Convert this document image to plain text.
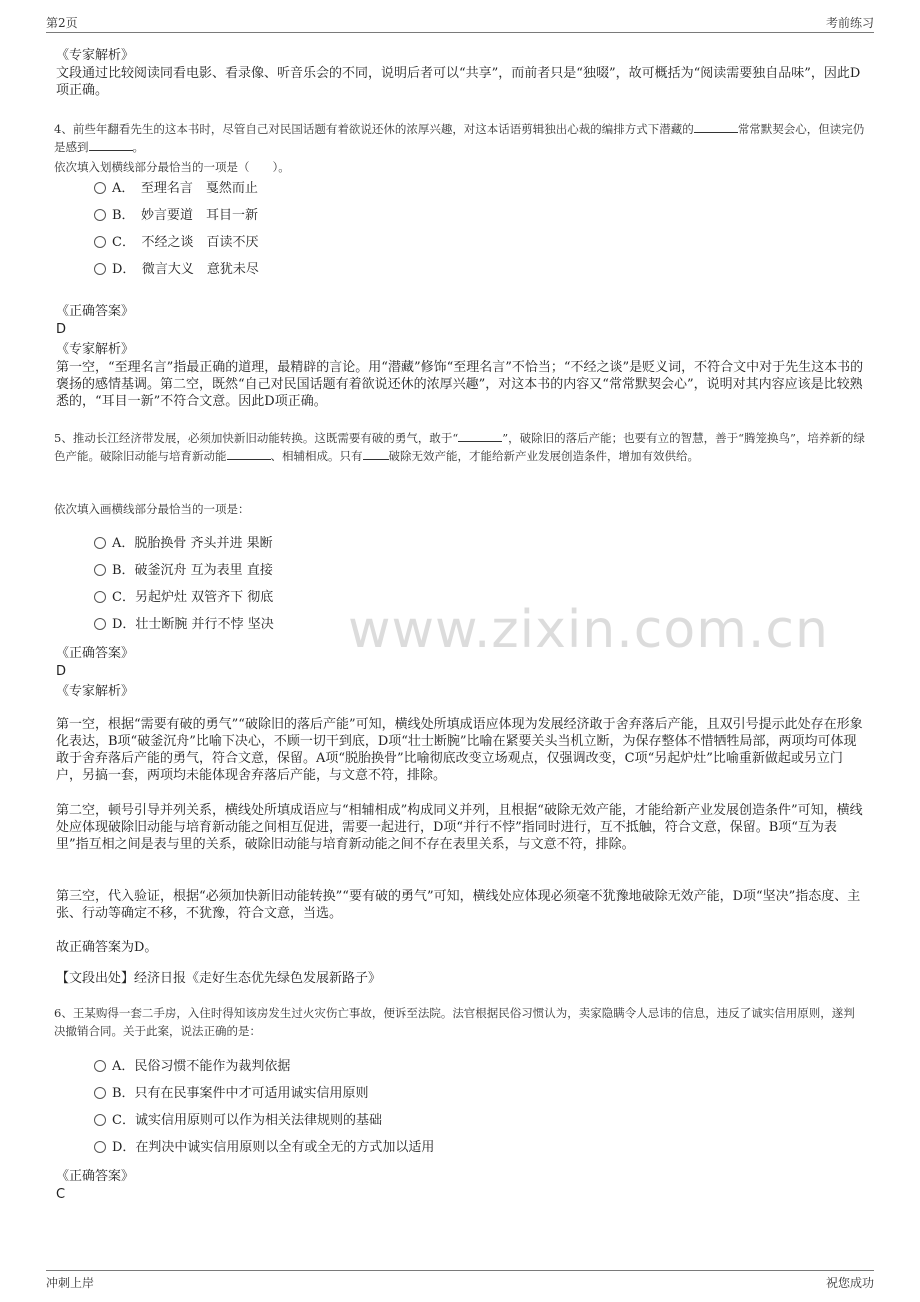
第2页	考前练习
www.zixin.com.cn
《专家解析》
文段通过比较阅读同看电影、看录像、听音乐会的不同，说明后者可以“共享”，而前者只是“独啜”，故可概括为“阅读需要独自品味”，因此D项正确。
4、前些年翻看先生的这本书时，尽管自己对民国话题有着欲说还休的浓厚兴趣，对这本话语剪辑独出心裁的编排方式下潜藏的	常常默契会心，但读完仍是感到	。
依次填入划横线部分最恰当的一项是（　　）。
A．　至理名言　戛然而止
B．　妙言要道　耳目一新
C．　不经之谈　百读不厌
D．　微言大义　意犹未尽
《正确答案》
D
《专家解析》
第一空，“至理名言”指最正确的道理，最精辟的言论。用“潜藏”修饰“至理名言”不恰当；“不经之谈”是贬义词，不符合文中对于先生这本书的褒扬的感情基调。第二空，既然“自己对民国话题有着欲说还休的浓厚兴趣”，对这本书的内容又“常常默契会心”，说明对其内容应该是比较熟悉的，“耳目一新”不符合文意。因此D项正确。
5、推动长江经济带发展，必须加快新旧动能转换。这既需要有破的勇气，敢于“	”，破除旧的落后产能；也要有立的智慧，善于“腾笼换鸟”，培养新的绿色产能。破除旧动能与培育新动能	、相辅相成。只有 破除无效产能，才能给新产业发展创造条件，增加有效供给。
依次填入画横线部分最恰当的一项是：
A．脱胎换骨 齐头并进 果断
B．破釜沉舟 互为表里 直接
C．另起炉灶 双管齐下 彻底
D．壮士断腕 并行不悖 坚决
《正确答案》
D
《专家解析》
第一空，根据“需要有破的勇气”“破除旧的落后产能”可知，横线处所填成语应体现为发展经济敢于舍弃落后产能，且双引号提示此处存在形象化表达，B项“破釜沉舟”比喻下决心，不顾一切干到底，D项“壮士断腕”比喻在紧要关头当机立断，为保存整体不惜牺牲局部，两项均可体现敢于舍弃落后产能的勇气，符合文意，保留。A项“脱胎换骨”比喻彻底改变立场观点，仅强调改变，C项“另起炉灶”比喻重新做起或另立门户，另搞一套，两项均未能体现舍弃落后产能，与文意不符，排除。
第二空，顿号引导并列关系，横线处所填成语应与“相辅相成”构成同义并列，且根据“破除无效产能，才能给新产业发展创造条件”可知，横线处应体现破除旧动能与培育新动能之间相互促进，需要一起进行，D项“并行不悖”指同时进行，互不抵触，符合文意，保留。B项“互为表里”指互相之间是表与里的关系，破除旧动能与培育新动能之间不存在表里关系，与文意不符，排除。
第三空，代入验证，根据“必须加快新旧动能转换”“要有破的勇气”可知，横线处应体现必须毫不犹豫地破除无效产能，D项“坚决”指态度、主张、行动等确定不移，不犹豫，符合文意，当选。
故正确答案为D。
【文段出处】经济日报《走好生态优先绿色发展新路子》
6、王某购得一套二手房，入住时得知该房发生过火灾伤亡事故，便诉至法院。法官根据民俗习惯认为，卖家隐瞒令人忌讳的信息，违反了诚实信用原则，遂判决撤销合同。关于此案，说法正确的是：
A．民俗习惯不能作为裁判依据
B．只有在民事案件中才可适用诚实信用原则
C．诚实信用原则可以作为相关法律规则的基础
D．在判决中诚实信用原则以全有或全无的方式加以适用
《正确答案》
C
冲刺上岸	祝您成功
